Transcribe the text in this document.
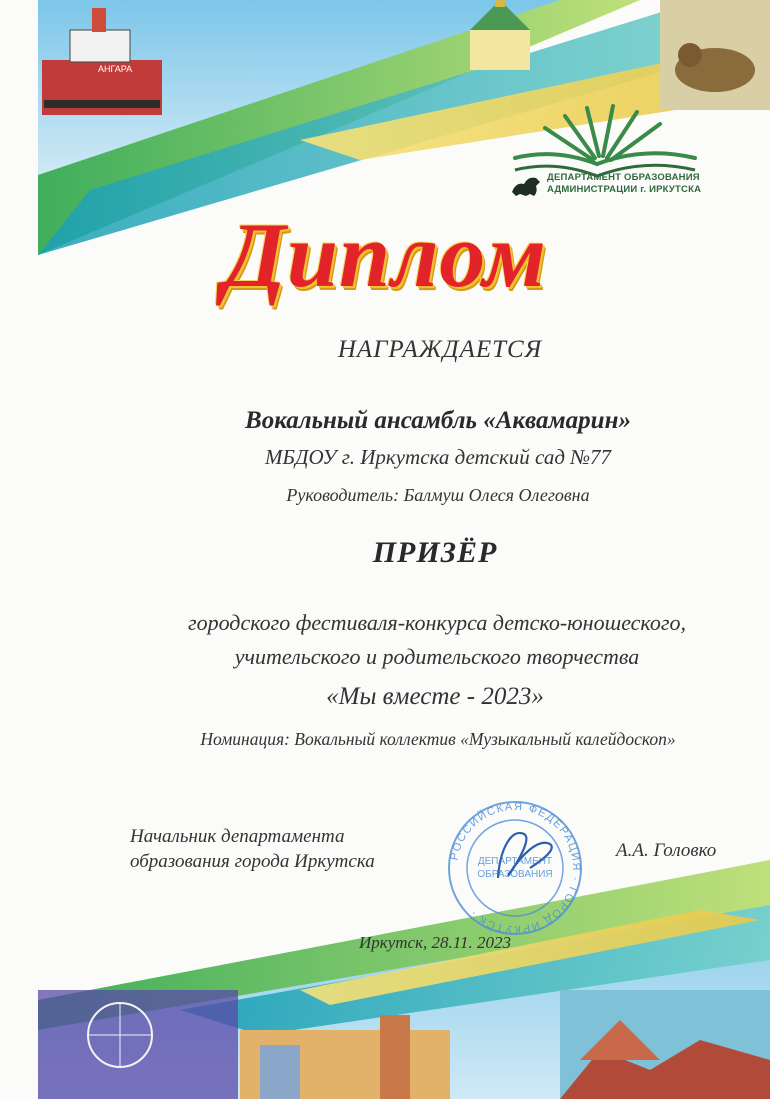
АНГАРА
ДЕПАРТАМЕНТ ОБРАЗОВАНИЯ
АДМИНИСТРАЦИИ г. ИРКУТСКА
Диплом
НАГРАЖДАЕТСЯ
Вокальный ансамбль «Аквамарин»
МБДОУ г. Иркутска детский сад №77
Руководитель: Балмуш Олеся Олеговна
ПРИЗЁР
городского фестиваля-конкурса детско-юношеского,
учительского и родительского творчества
«Мы вместе - 2023»
Номинация: Вокальный коллектив «Музыкальный калейдоскоп»
Начальник департамента
образования города Иркутска
А.А. Головко
РОССИЙСКАЯ ФЕДЕРАЦИЯ · ГОРОД ИРКУТСК ·
ДЕПАРТАМЕНТ
ОБРАЗОВАНИЯ
Иркутск, 28.11. 2023
